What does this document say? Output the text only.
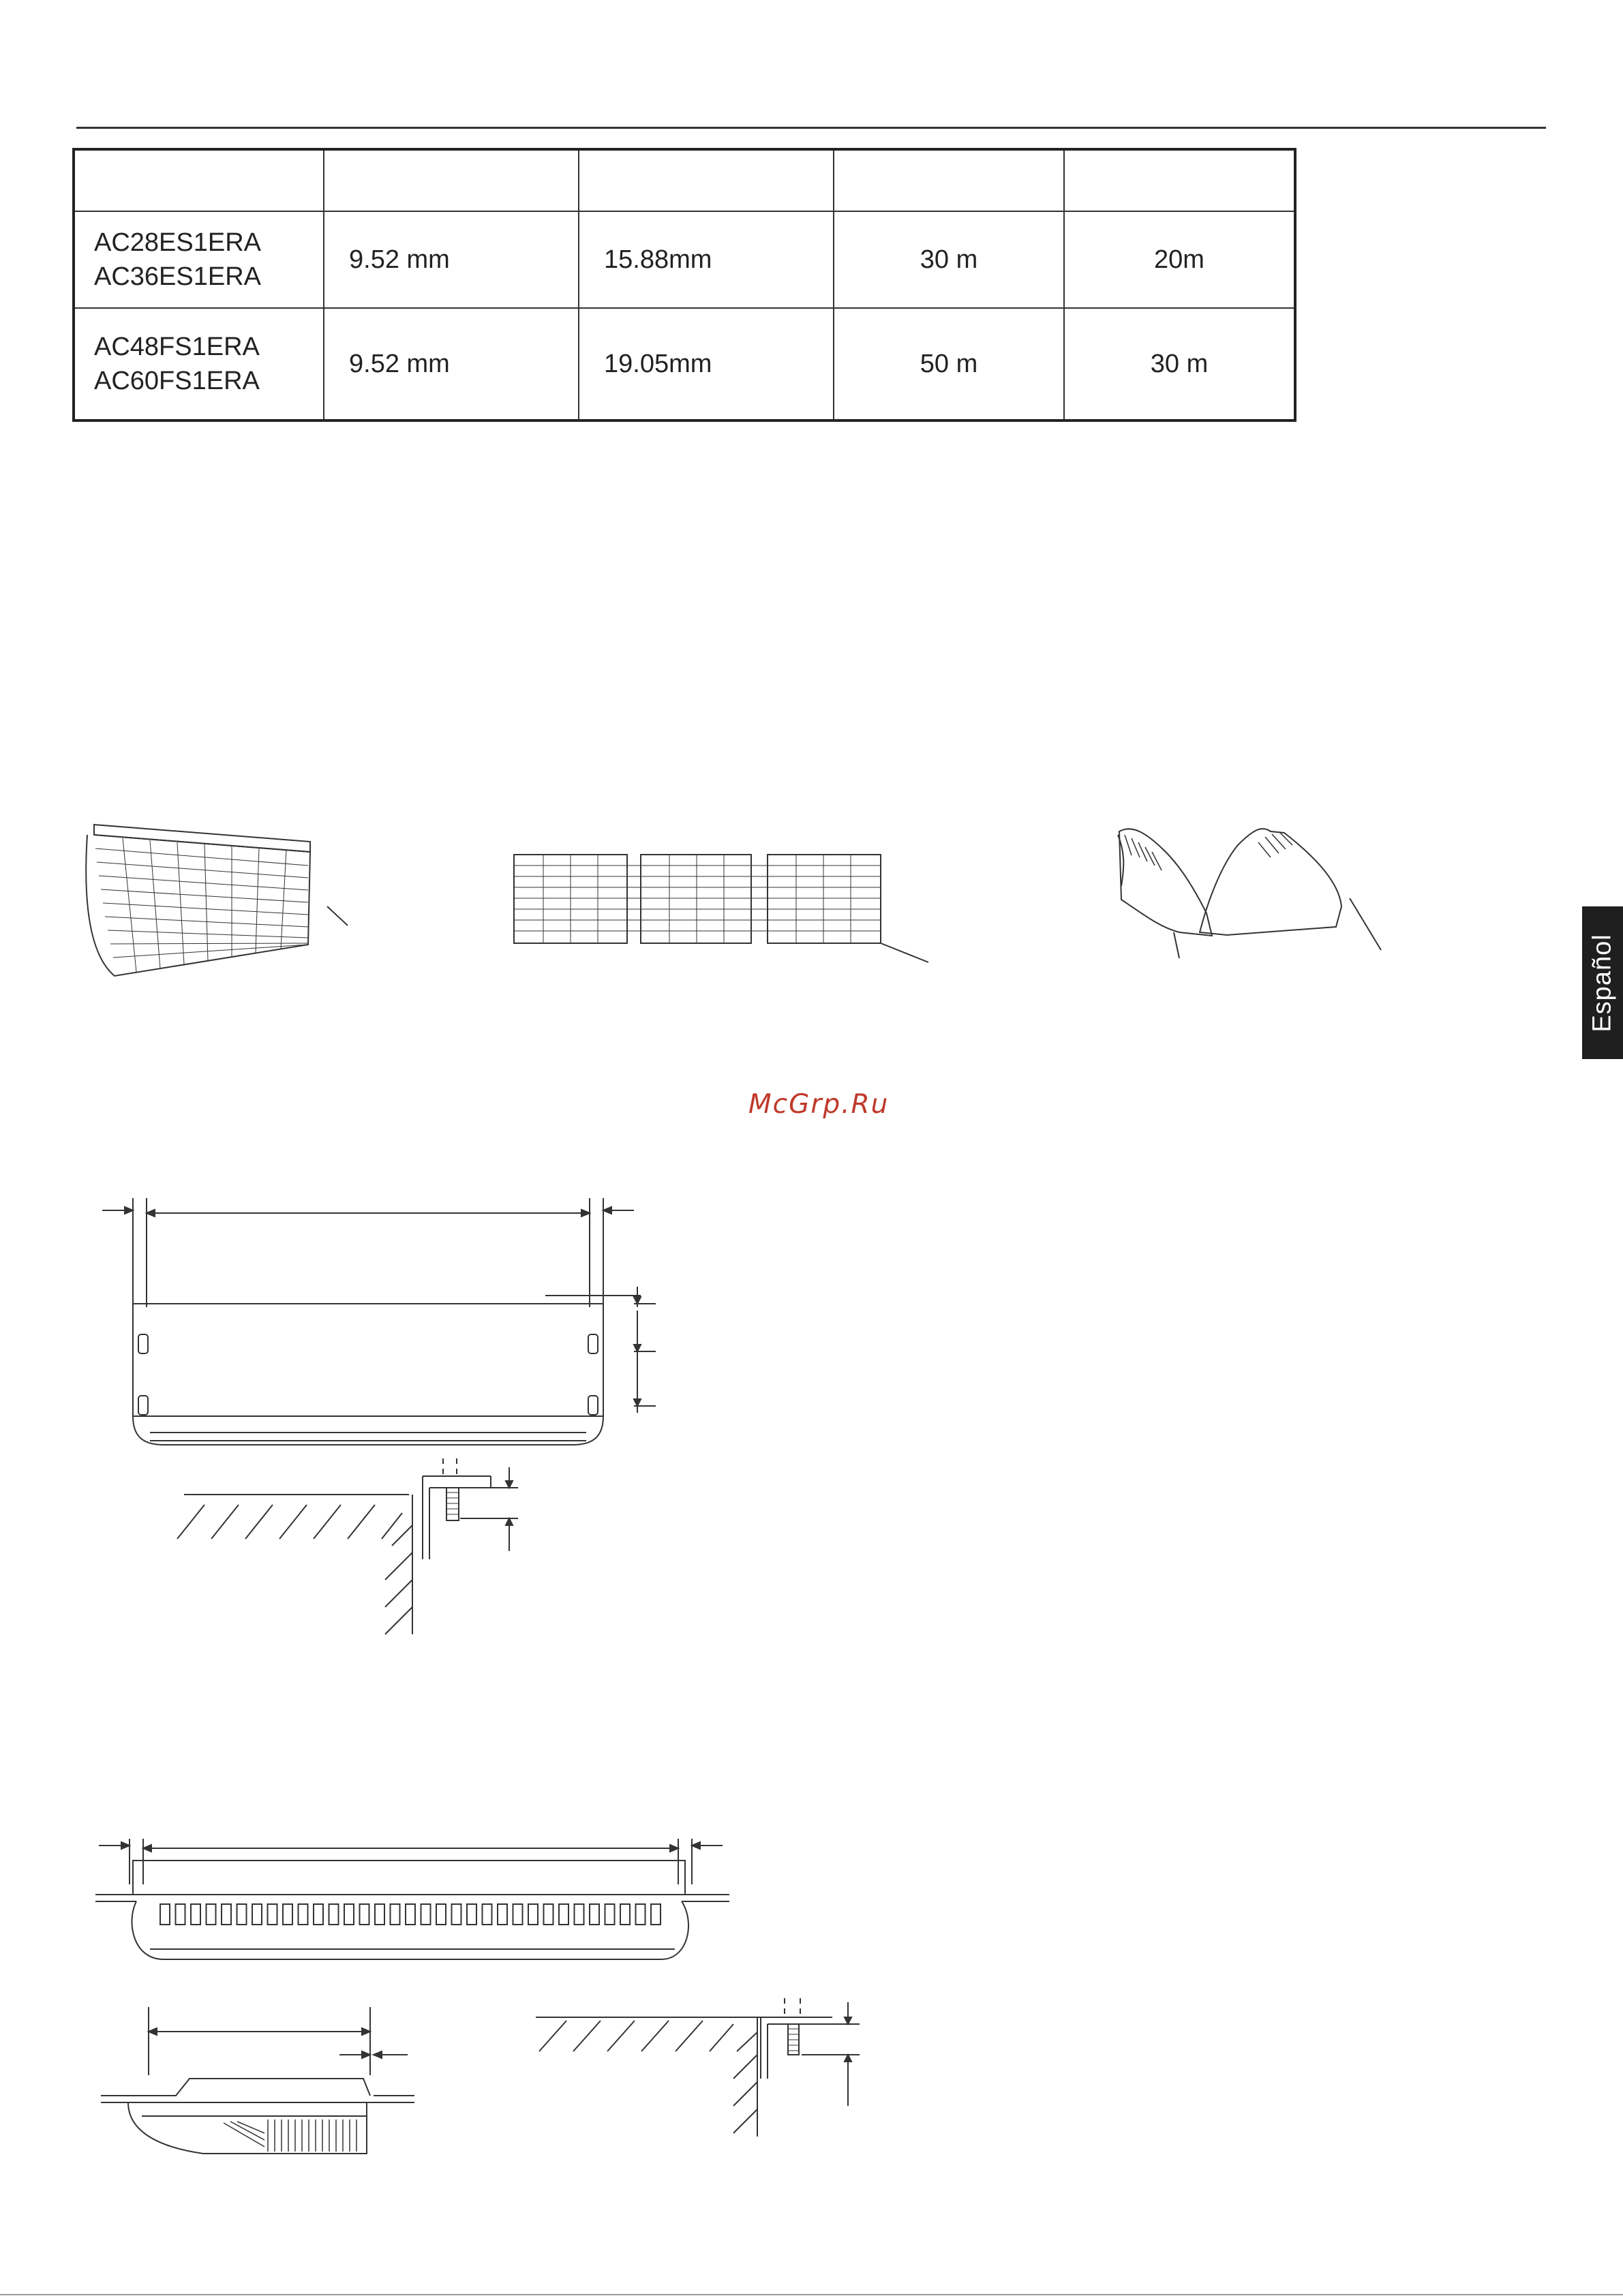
AC28ES1ERA
AC36ES1ERA	9.52 mm	15.88mm	30 m	20m

AC48FS1ERA
AC60FS1ERA	9.52 mm	19.05mm	50 m	30 m
McGrp.Ru
Español
